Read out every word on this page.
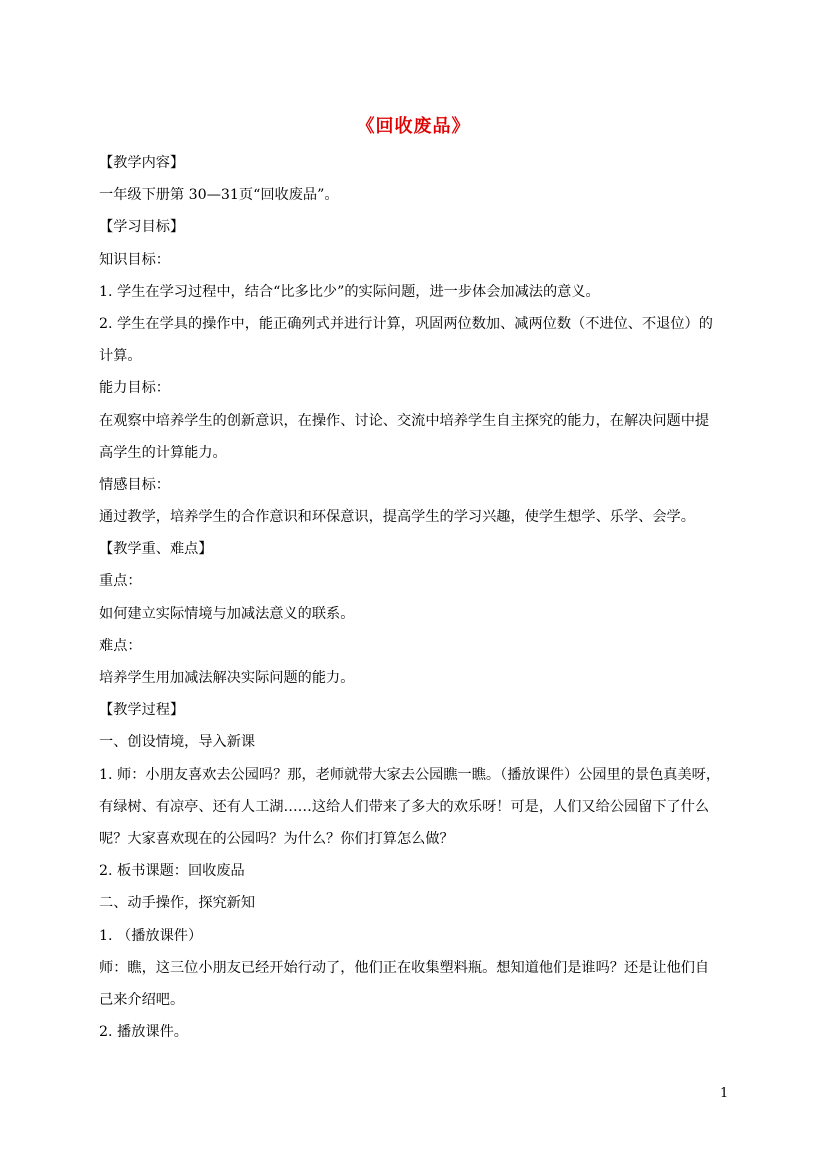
《回收废品》
【教学内容】
一年级下册第 30—31页“回收废品”。
【学习目标】
知识目标：
1. 学生在学习过程中，结合“比多比少”的实际问题，进一步体会加减法的意义。
2. 学生在学具的操作中，能正确列式并进行计算，巩固两位数加、减两位数（不进位、不退位）的
计算。
能力目标：
在观察中培养学生的创新意识，在操作、讨论、交流中培养学生自主探究的能力，在解决问题中提
高学生的计算能力。
情感目标：
通过教学，培养学生的合作意识和环保意识，提高学生的学习兴趣，使学生想学、乐学、会学。
【教学重、难点】
重点：
如何建立实际情境与加减法意义的联系。
难点：
培养学生用加减法解决实际问题的能力。
【教学过程】
一、创设情境，导入新课
1. 师：小朋友喜欢去公园吗？那，老师就带大家去公园瞧一瞧。（播放课件）公园里的景色真美呀，
有绿树、有凉亭、还有人工湖……这给人们带来了多大的欢乐呀！可是，人们又给公园留下了什么
呢？大家喜欢现在的公园吗？为什么？你们打算怎么做？
2. 板书课题：回收废品
二、动手操作，探究新知
1. （播放课件）
师：瞧，这三位小朋友已经开始行动了，他们正在收集塑料瓶。想知道他们是谁吗？还是让他们自
己来介绍吧。
2. 播放课件。
1
